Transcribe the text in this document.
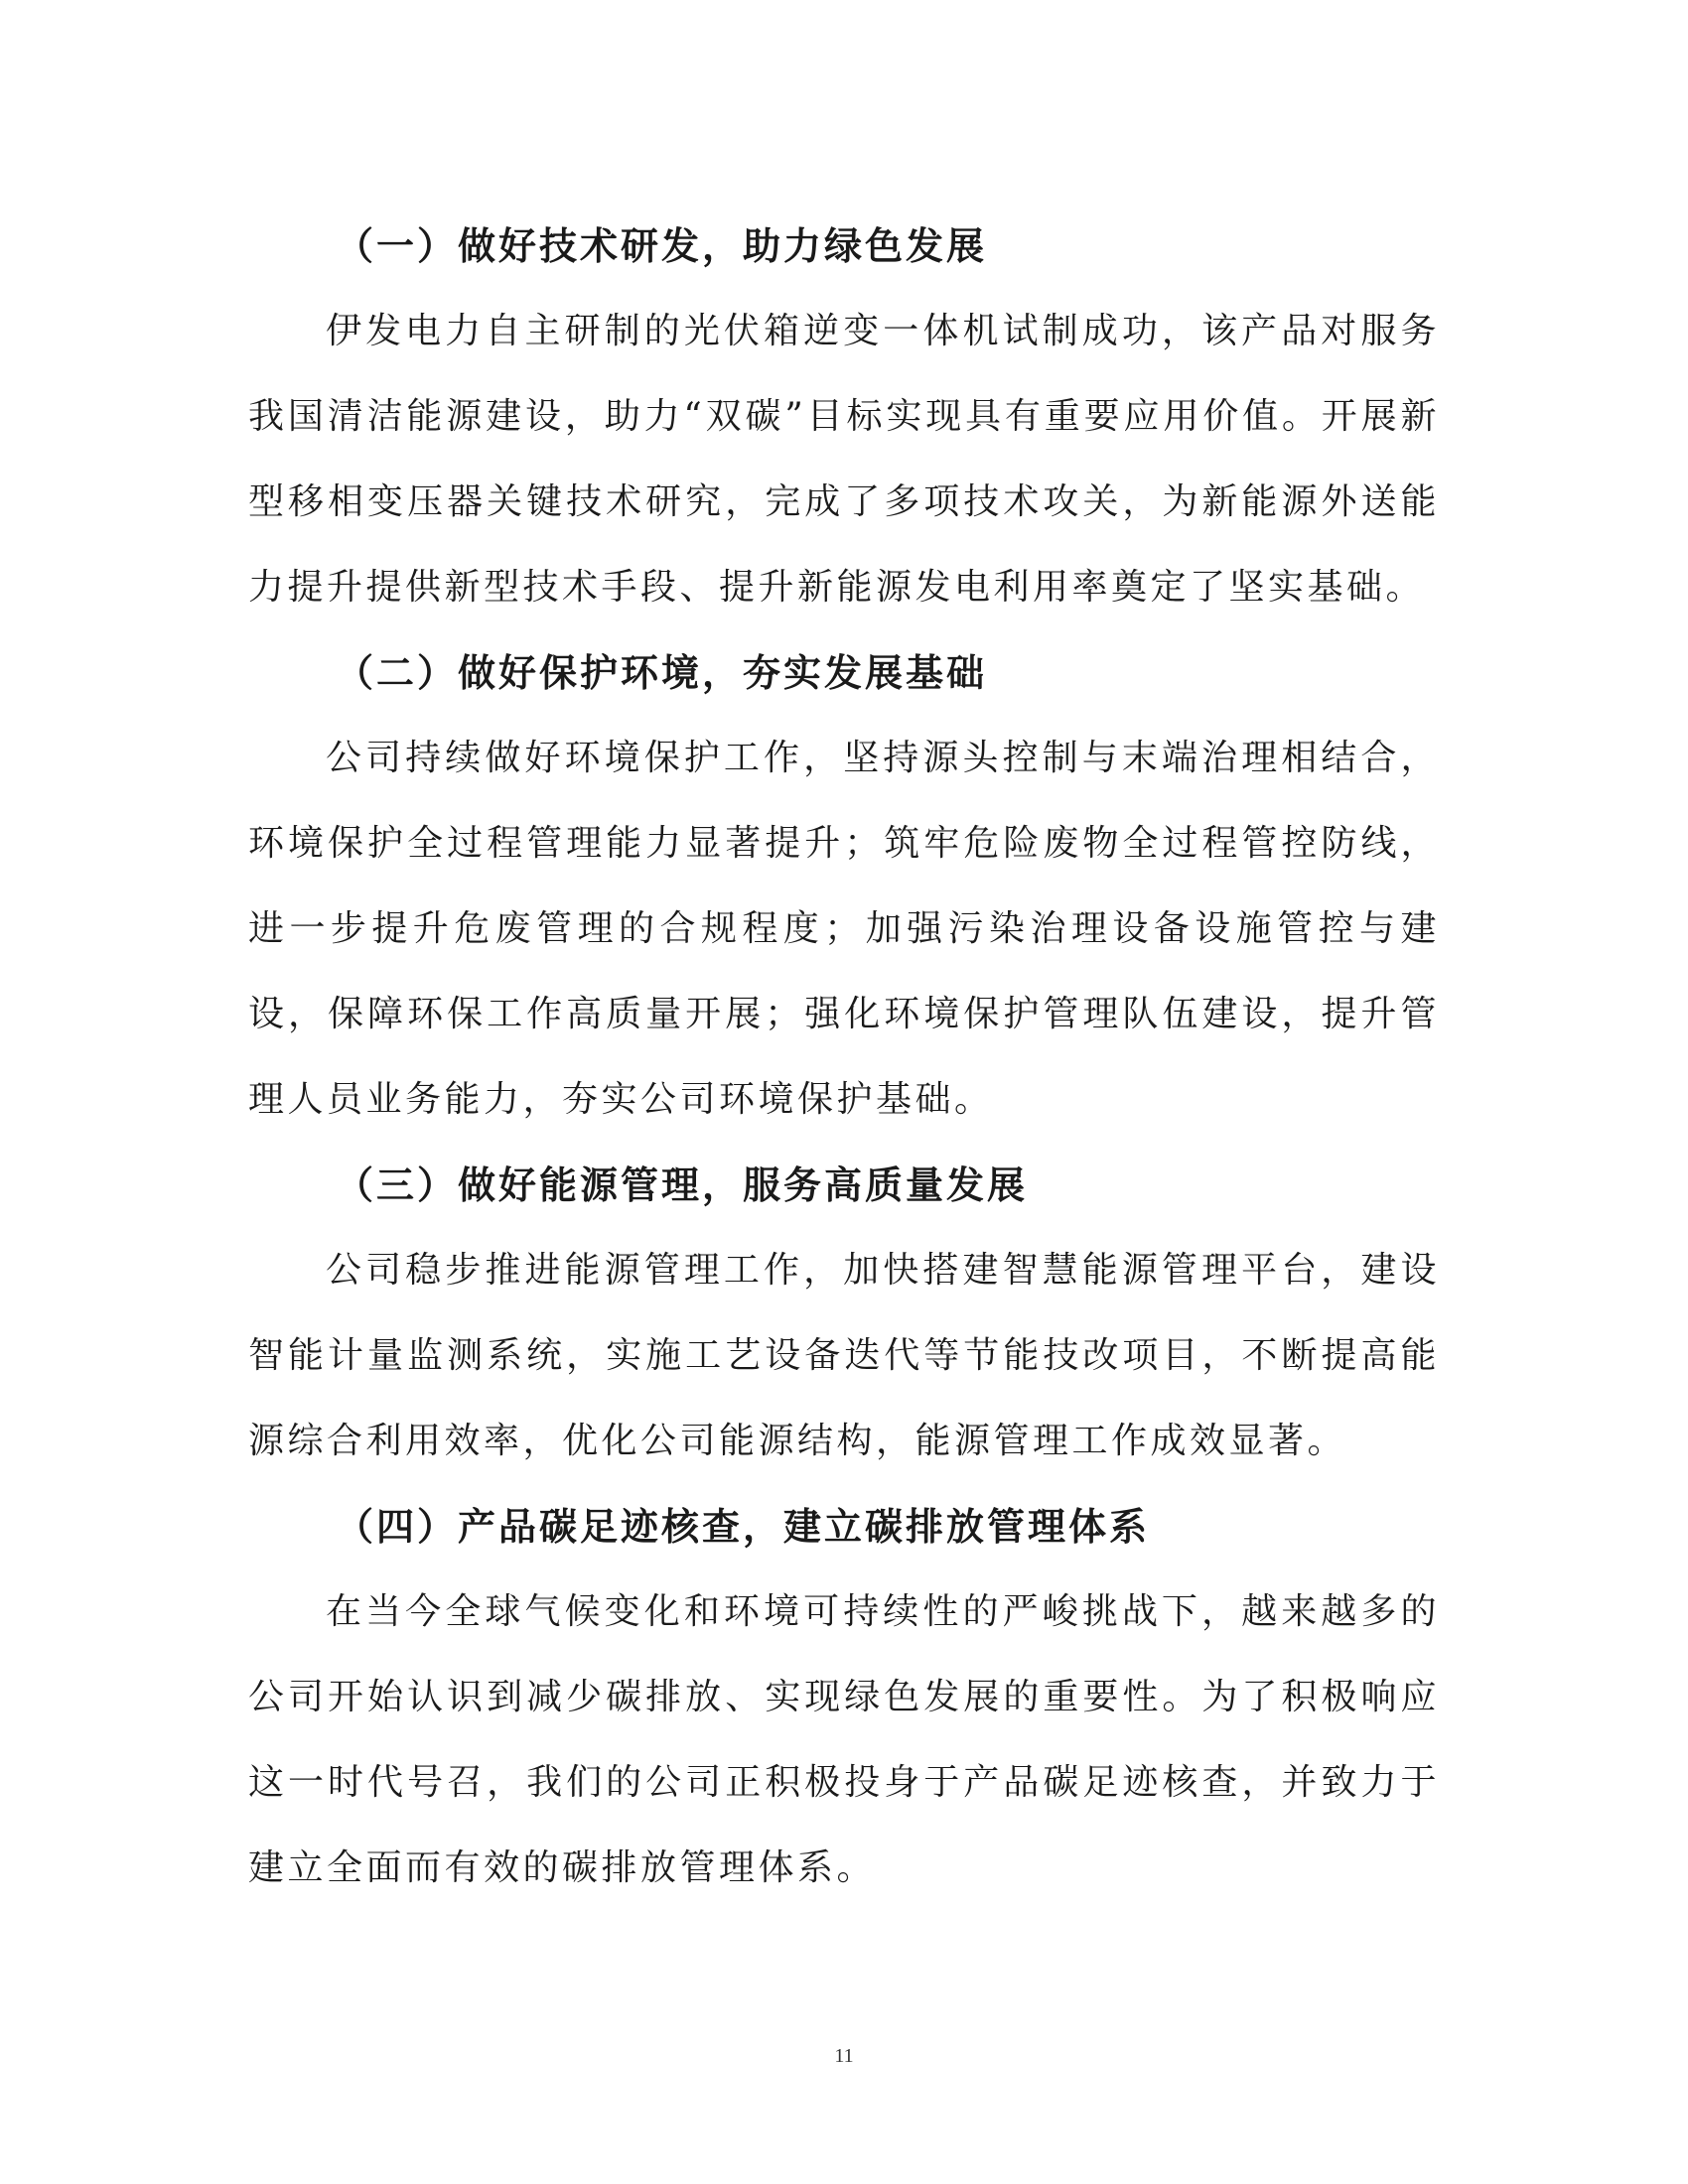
（一）做好技术研发，助力绿色发展

伊发电力自主研制的光伏箱逆变一体机试制成功，该产品对服务我国清洁能源建设，助力“双碳”目标实现具有重要应用价值。开展新型移相变压器关键技术研究，完成了多项技术攻关，为新能源外送能力提升提供新型技术手段、提升新能源发电利用率奠定了坚实基础。

（二）做好保护环境，夯实发展基础

公司持续做好环境保护工作，坚持源头控制与末端治理相结合，环境保护全过程管理能力显著提升；筑牢危险废物全过程管控防线，进一步提升危废管理的合规程度；加强污染治理设备设施管控与建设，保障环保工作高质量开展；强化环境保护管理队伍建设，提升管理人员业务能力，夯实公司环境保护基础。

（三）做好能源管理，服务高质量发展

公司稳步推进能源管理工作，加快搭建智慧能源管理平台，建设智能计量监测系统，实施工艺设备迭代等节能技改项目，不断提高能源综合利用效率，优化公司能源结构，能源管理工作成效显著。

（四）产品碳足迹核查，建立碳排放管理体系

在当今全球气候变化和环境可持续性的严峻挑战下，越来越多的公司开始认识到减少碳排放、实现绿色发展的重要性。为了积极响应这一时代号召，我们的公司正积极投身于产品碳足迹核查，并致力于建立全面而有效的碳排放管理体系。

11
